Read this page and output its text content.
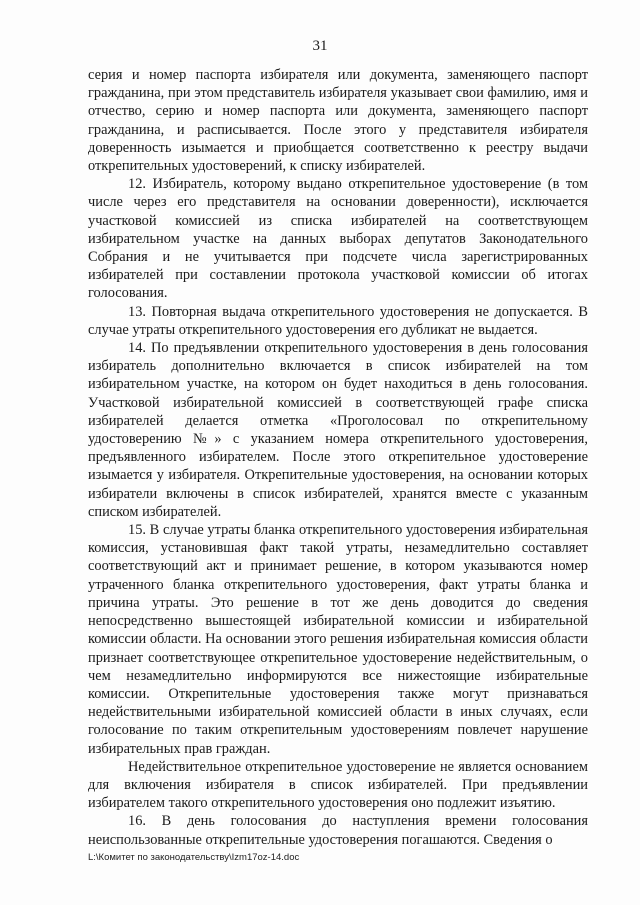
31

серия и номер паспорта избирателя или документа, заменяющего паспорт гражданина, при этом представитель избирателя указывает свои фамилию, имя и отчество, серию и номер паспорта или документа, заменяющего паспорт гражданина, и расписывается. После этого у представителя избирателя доверенность изымается и приобщается соответственно к реестру выдачи открепительных удостоверений, к списку избирателей.

12. Избиратель, которому выдано открепительное удостоверение (в том числе через его представителя на основании доверенности), исключается участковой комиссией из списка избирателей на соответствующем избирательном участке на данных выборах депутатов Законодательного Собрания и не учитывается при подсчете числа зарегистрированных избирателей при составлении протокола участковой комиссии об итогах голосования.

13. Повторная выдача открепительного удостоверения не допускается. В случае утраты открепительного удостоверения его дубликат не выдается.

14. По предъявлении открепительного удостоверения в день голосования избиратель дополнительно включается в список избирателей на том избирательном участке, на котором он будет находиться в день голосования. Участковой избирательной комиссией в соответствующей графе списка избирателей делается отметка «Проголосовал по открепительному удостоверению №» с указанием номера открепительного удостоверения, предъявленного избирателем. После этого открепительное удостоверение изымается у избирателя. Открепительные удостоверения, на основании которых избиратели включены в список избирателей, хранятся вместе с указанным списком избирателей.

15. В случае утраты бланка открепительного удостоверения избирательная комиссия, установившая факт такой утраты, незамедлительно составляет соответствующий акт и принимает решение, в котором указываются номер утраченного бланка открепительного удостоверения, факт утраты бланка и причина утраты. Это решение в тот же день доводится до сведения непосредственно вышестоящей избирательной комиссии и избирательной комиссии области. На основании этого решения избирательная комиссия области признает соответствующее открепительное удостоверение недействительным, о чем незамедлительно информируются все нижестоящие избирательные комиссии. Открепительные удостоверения также могут признаваться недействительными избирательной комиссией области в иных случаях, если голосование по таким открепительным удостоверениям повлечет нарушение избирательных прав граждан.

Недействительное открепительное удостоверение не является основанием для включения избирателя в список избирателей. При предъявлении избирателем такого открепительного удостоверения оно подлежит изъятию.

16. В день голосования до наступления времени голосования неиспользованные открепительные удостоверения погашаются. Сведения о

L:\Комитет по законодательству\Izm17oz-14.doc
